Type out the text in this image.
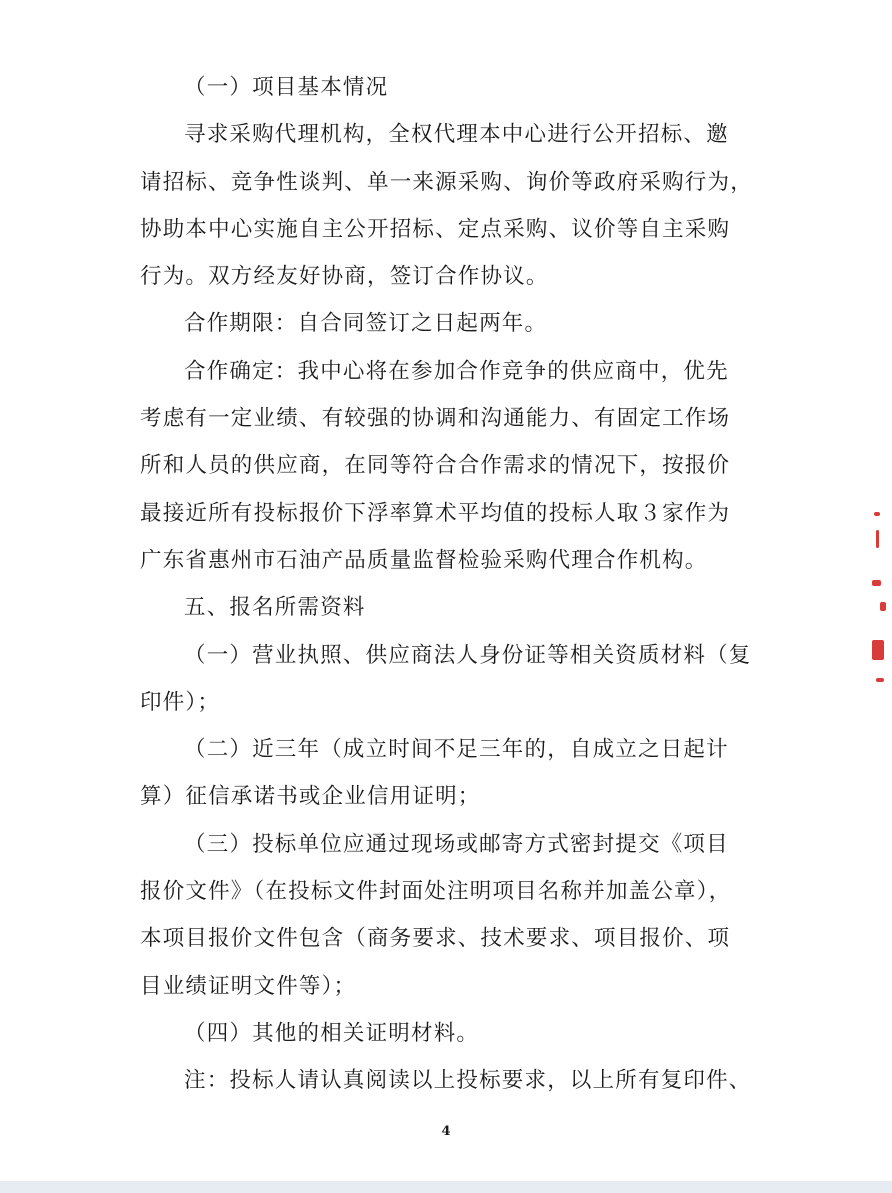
（一）项目基本情况
寻求采购代理机构，全权代理本中心进行公开招标、邀
请招标、竞争性谈判、单一来源采购、询价等政府采购行为，
协助本中心实施自主公开招标、定点采购、议价等自主采购
行为。双方经友好协商，签订合作协议。
合作期限：自合同签订之日起两年。
合作确定：我中心将在参加合作竞争的供应商中，优先
考虑有一定业绩、有较强的协调和沟通能力、有固定工作场
所和人员的供应商，在同等符合合作需求的情况下，按报价
最接近所有投标报价下浮率算术平均值的投标人取３家作为
广东省惠州市石油产品质量监督检验采购代理合作机构。
五、报名所需资料
（一）营业执照、供应商法人身份证等相关资质材料（复
印件）；
（二）近三年（成立时间不足三年的，自成立之日起计
算）征信承诺书或企业信用证明；
（三）投标单位应通过现场或邮寄方式密封提交《项目
报价文件》（在投标文件封面处注明项目名称并加盖公章），
本项目报价文件包含（商务要求、技术要求、项目报价、项
目业绩证明文件等）；
（四）其他的相关证明材料。
注：投标人请认真阅读以上投标要求，以上所有复印件、
4
